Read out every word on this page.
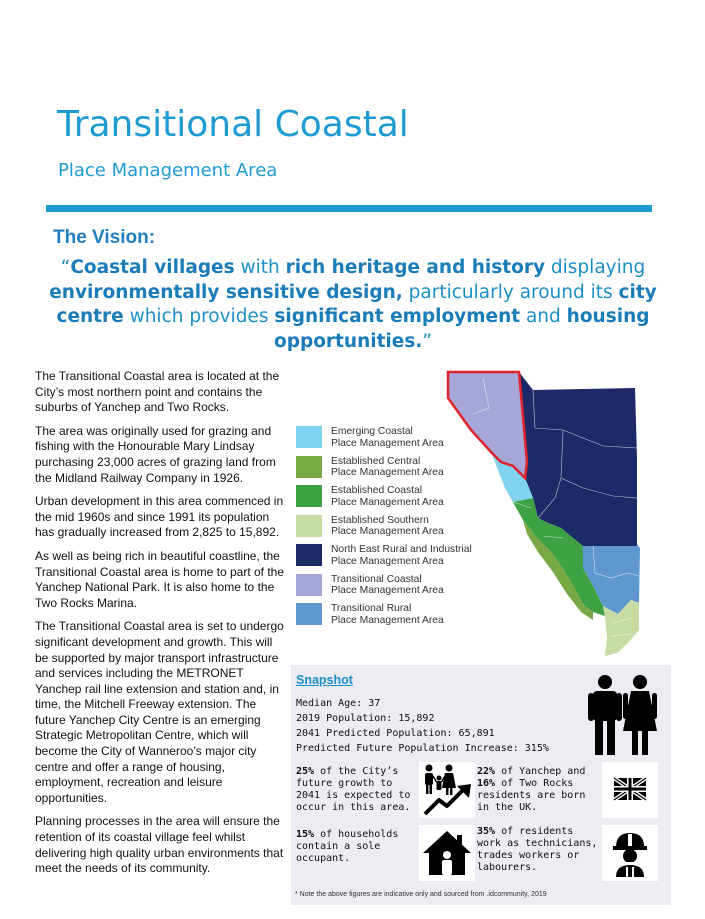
Transitional Coastal
Place Management Area
The Vision:
“Coastal villages with rich heritage and history displaying environmentally sensitive design, particularly around its city centre which provides significant employment and housing opportunities.”

The Transitional Coastal area is located at the City’s most northern point and contains the suburbs of Yanchep and Two Rocks.

The area was originally used for grazing and fishing with the Honourable Mary Lindsay purchasing 23,000 acres of grazing land from the Midland Railway Company in 1926.

Urban development in this area commenced in the mid 1960s and since 1991 its population has gradually increased from 2,825 to 15,892.

As well as being rich in beautiful coastline, the Transitional Coastal area is home to part of the Yanchep National Park. It is also home to the Two Rocks Marina.

The Transitional Coastal area is set to undergo significant development and growth. This will be supported by major transport infrastructure and services including the METRONET Yanchep rail line extension and station and, in time, the Mitchell Freeway extension. The future Yanchep City Centre is an emerging Strategic Metropolitan Centre, which will become the City of Wanneroo’s major city centre and offer a range of housing, employment, recreation and leisure opportunities.

Planning processes in the area will ensure the retention of its coastal village feel whilst delivering high quality urban environments that meet the needs of its community.

Emerging Coastal
Place Management Area
Established Central
Place Management Area
Established Coastal
Place Management Area
Established Southern
Place Management Area
North East Rural and Industrial
Place Management Area
Transitional Coastal
Place Management Area
Transitional Rural
Place Management Area
Snapshot
Median Age: 37
2019 Population: 15,892
2041 Predicted Population: 65,891
Predicted Future Population Increase: 315%
25% of the City’s future growth to 2041 is expected to occur in this area.
22% of Yanchep and 16% of Two Rocks residents are born in the UK.
15% of households contain a sole occupant.
35% of residents work as technicians, trades workers or labourers.
* Note the above figures are indicative only and sourced from .idcommunity, 2019
